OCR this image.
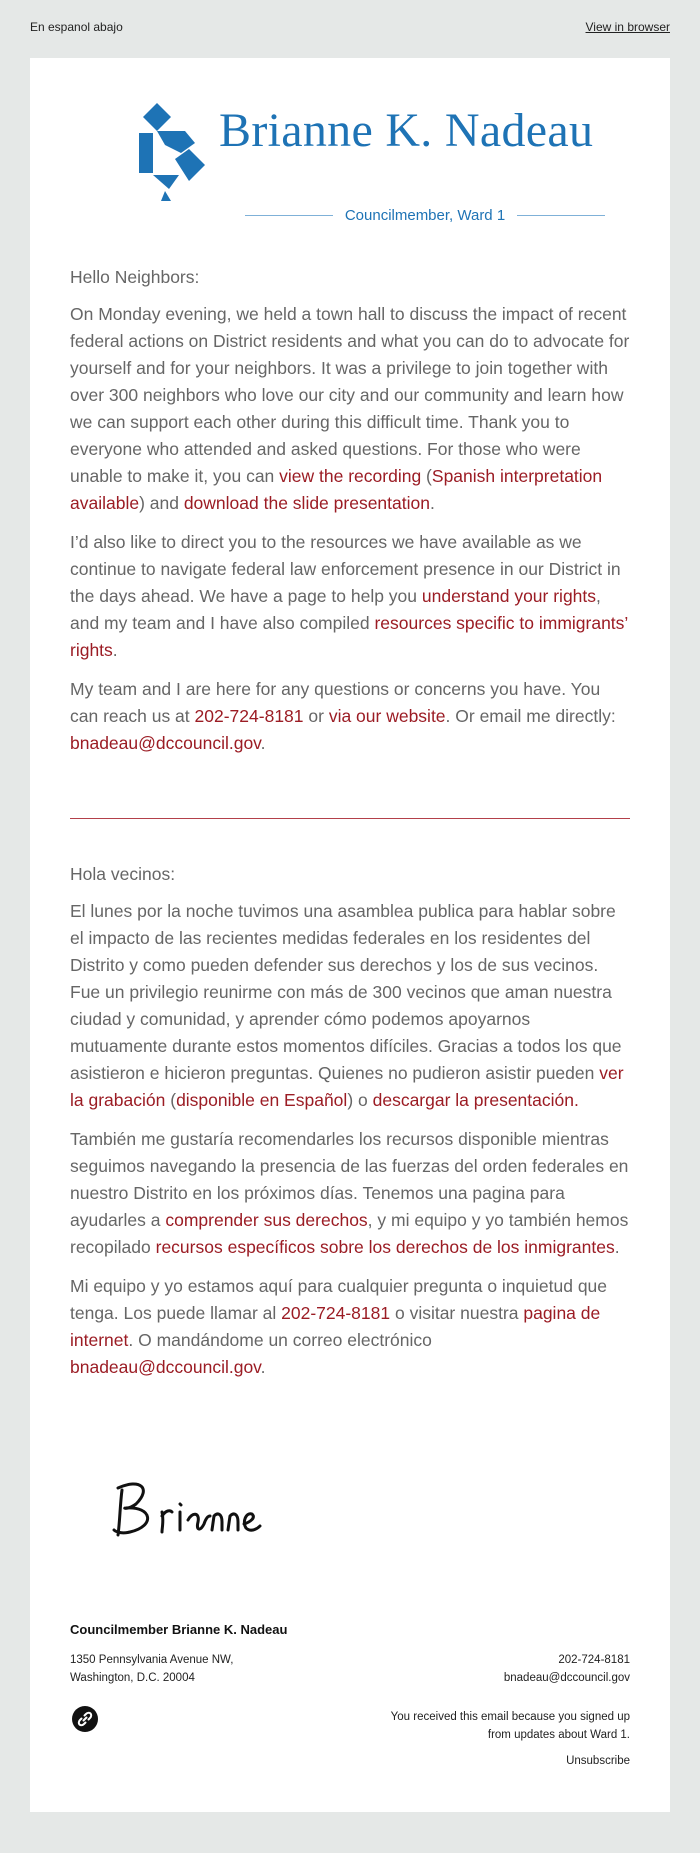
En espanol abajo	View in browser
Brianne K. Nadeau
Councilmember, Ward 1

Hello Neighbors:

On Monday evening, we held a town hall to discuss the impact of recent federal actions on District residents and what you can do to advocate for yourself and for your neighbors. It was a privilege to join together with over 300 neighbors who love our city and our community and learn how we can support each other during this difficult time. Thank you to everyone who attended and asked questions. For those who were unable to make it, you can view the recording (Spanish interpretation available) and download the slide presentation.

I’d also like to direct you to the resources we have available as we continue to navigate federal law enforcement presence in our District in the days ahead. We have a page to help you understand your rights, and my team and I have also compiled resources specific to immigrants’ rights.

My team and I are here for any questions or concerns you have. You can reach us at 202-724-8181 or via our website. Or email me directly: bnadeau@dccouncil.gov.

Hola vecinos:

El lunes por la noche tuvimos una asamblea publica para hablar sobre el impacto de las recientes medidas federales en los residentes del Distrito y como pueden defender sus derechos y los de sus vecinos. Fue un privilegio reunirme con más de 300 vecinos que aman nuestra ciudad y comunidad, y aprender cómo podemos apoyarnos mutuamente durante estos momentos difíciles. Gracias a todos los que asistieron e hicieron preguntas. Quienes no pudieron asistir pueden ver la grabación (disponible en Español) o descargar la presentación.

También me gustaría recomendarles los recursos disponible mientras seguimos navegando la presencia de las fuerzas del orden federales en nuestro Distrito en los próximos días. Tenemos una pagina para ayudarles a comprender sus derechos, y mi equipo y yo también hemos recopilado recursos específicos sobre los derechos de los inmigrantes.

Mi equipo y yo estamos aquí para cualquier pregunta o inquietud que tenga. Los puede llamar al 202-724-8181 o visitar nuestra pagina de internet. O mandándome un correo electrónico bnadeau@dccouncil.gov.

Councilmember Brianne K. Nadeau
1350 Pennsylvania Avenue NW,
Washington, D.C. 20004
202-724-8181
bnadeau@dccouncil.gov
You received this email because you signed up
from updates about Ward 1.
Unsubscribe
